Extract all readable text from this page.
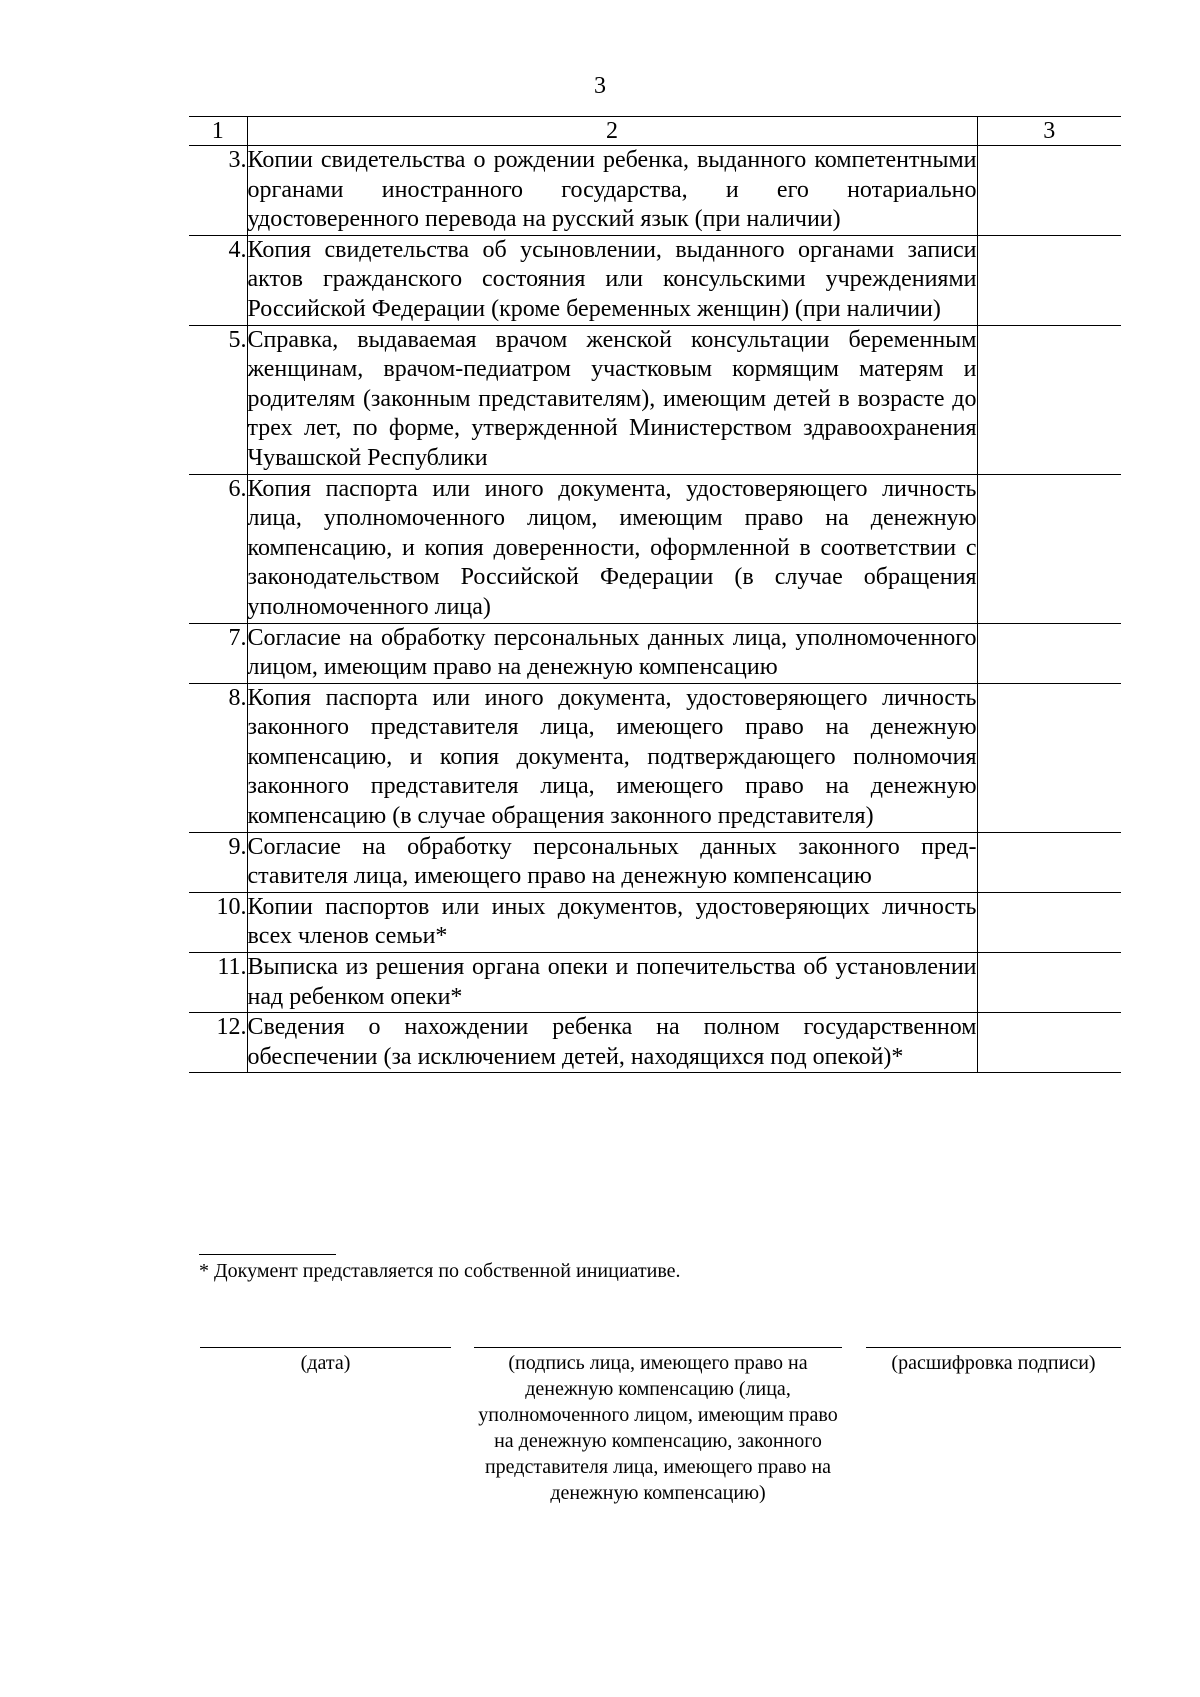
3
1	2	3
3.	Копии свидетельства о рождении ребенка, выданного компетентными органами иностранного государства, и его нотариально удостоверенного перевода на русский язык (при наличии)	
4.	Копия свидетельства об усыновлении, выданного органами записи актов гражданского состояния или консульскими учреждениями Российской Федерации (кроме беременных женщин) (при наличии)	
5.	Справка, выдаваемая врачом женской консультации беременным женщинам, врачом-педиатром участковым кормящим матерям и родителям (законным представителям), имеющим детей в возрасте до трех лет, по форме, утвержденной Министерством здравоохранения Чувашской Республики	
6.	Копия паспорта или иного документа, удостоверяющего личность лица, уполномоченного лицом, имеющим право на денежную компенсацию, и копия доверенности, оформленной в соответствии с законодательством Российской Федерации (в случае обращения уполномоченного лица)	
7.	Согласие на обработку персональных данных лица, уполномоченного лицом, имеющим право на денежную компенсацию	
8.	Копия паспорта или иного документа, удостоверяющего личность законного представителя лица, имеющего право на денежную компенсацию, и копия документа, подтверждающего полномочия законного представителя лица, имеющего право на денежную компенсацию (в случае обращения законного представителя)	
9.	Согласие на обработку персональных данных законного представителя лица, имеющего право на денежную компенсацию	
10.	Копии паспортов или иных документов, удостоверяющих личность всех членов семьи*	
11.	Выписка из решения органа опеки и попечительства об установлении над ребенком опеки*	
12.	Сведения о нахождении ребенка на полном государственном обеспечении (за исключением детей, находящихся под опекой)*	
* Документ представляется по собственной инициативе.
(дата)	(подпись лица, имеющего право на денежную компенсацию (лица, уполномоченного лицом, имеющим право на денежную компенсацию, законного представителя лица, имеющего право на денежную компенсацию)
(расшифровка подписи)
